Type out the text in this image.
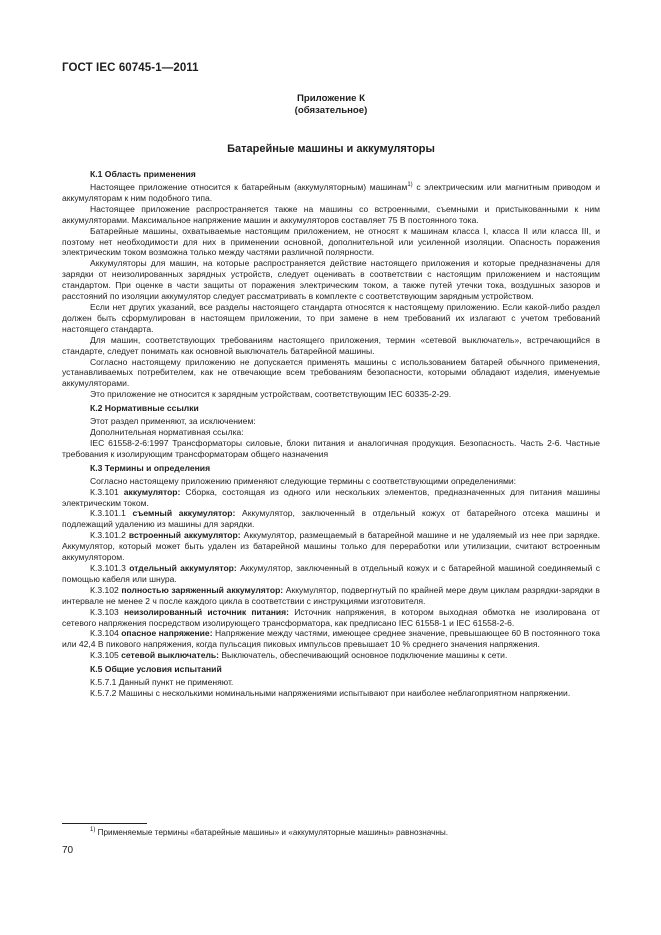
ГОСТ IEC 60745-1—2011
Приложение К
(обязательное)
Батарейные машины и аккумуляторы
К.1 Область применения

Настоящее приложение относится к батарейным (аккумуляторным) машинам$^{1)}$ с электрическим или магнитным приводом и аккумуляторам к ним подобного типа.

Настоящее приложение распространяется также на машины со встроенными, съемными и пристыкованными к ним аккумуляторами. Максимальное напряжение машин и аккумуляторов составляет 75 В постоянного тока.

Батарейные машины, охватываемые настоящим приложением, не относят к машинам класса I, класса II или класса III, и поэтому нет необходимости для них в применении основной, дополнительной или усиленной изоляции. Опасность поражения электрическим током возможна только между частями различной полярности.

Аккумуляторы для машин, на которые распространяется действие настоящего приложения и которые предназначены для зарядки от неизолированных зарядных устройств, следует оценивать в соответствии с настоящим приложением и настоящим стандартом. При оценке в части защиты от поражения электрическим током, а также путей утечки тока, воздушных зазоров и расстояний по изоляции аккумулятор следует рассматривать в комплекте с соответствующим зарядным устройством.

Если нет других указаний, все разделы настоящего стандарта относятся к настоящему приложению. Если какой-либо раздел должен быть сформулирован в настоящем приложении, то при замене в нем требований их излагают с учетом требований настоящего стандарта.

Для машин, соответствующих требованиям настоящего приложения, термин «сетевой выключатель», встречающийся в стандарте, следует понимать как основной выключатель батарейной машины.

Согласно настоящему приложению не допускается применять машины с использованием батарей обычного применения, устанавливаемых потребителем, как не отвечающие всем требованиям безопасности, которыми обладают изделия, именуемые аккумуляторами.

Это приложение не относится к зарядным устройствам, соответствующим IEC 60335-2-29.

К.2 Нормативные ссылки

Этот раздел применяют, за исключением:

Дополнительная нормативная ссылка:

IEC 61558-2-6:1997 Трансформаторы силовые, блоки питания и аналогичная продукция. Безопасность. Часть 2-6. Частные требования к изолирующим трансформаторам общего назначения

К.3 Термины и определения

Согласно настоящему приложению применяют следующие термины с соответствующими определениями:

К.3.101 аккумулятор: Сборка, состоящая из одного или нескольких элементов, предназначенных для питания машины электрическим током.

К.3.101.1 съемный аккумулятор: Аккумулятор, заключенный в отдельный кожух от батарейного отсека машины и подлежащий удалению из машины для зарядки.

К.3.101.2 встроенный аккумулятор: Аккумулятор, размещаемый в батарейной машине и не удаляемый из нее при зарядке. Аккумулятор, который может быть удален из батарейной машины только для переработки или утилизации, считают встроенным аккумулятором.

К.3.101.3 отдельный аккумулятор: Аккумулятор, заключенный в отдельный кожух и с батарейной машиной соединяемый с помощью кабеля или шнура.

К.3.102 полностью заряженный аккумулятор: Аккумулятор, подвергнутый по крайней мере двум циклам разрядки-зарядки в интервале не менее 2 ч после каждого цикла в соответствии с инструкциями изготовителя.

К.3.103 неизолированный источник питания: Источник напряжения, в котором выходная обмотка не изолирована от сетевого напряжения посредством изолирующего трансформатора, как предписано IEC 61558-1 и IEC 61558-2-6.

К.3.104 опасное напряжение: Напряжение между частями, имеющее среднее значение, превышающее 60 В постоянного тока или 42,4 В пикового напряжения, когда пульсация пиковых импульсов превышает 10 % среднего значения напряжения.

К.3.105 сетевой выключатель: Выключатель, обеспечивающий основное подключение машины к сети.

К.5 Общие условия испытаний

К.5.7.1 Данный пункт не применяют.

К.5.7.2 Машины с несколькими номинальными напряжениями испытывают при наиболее неблагоприятном напряжении.

$^{1)}$ Применяемые термины «батарейные машины» и «аккумуляторные машины» равнозначны.
70
